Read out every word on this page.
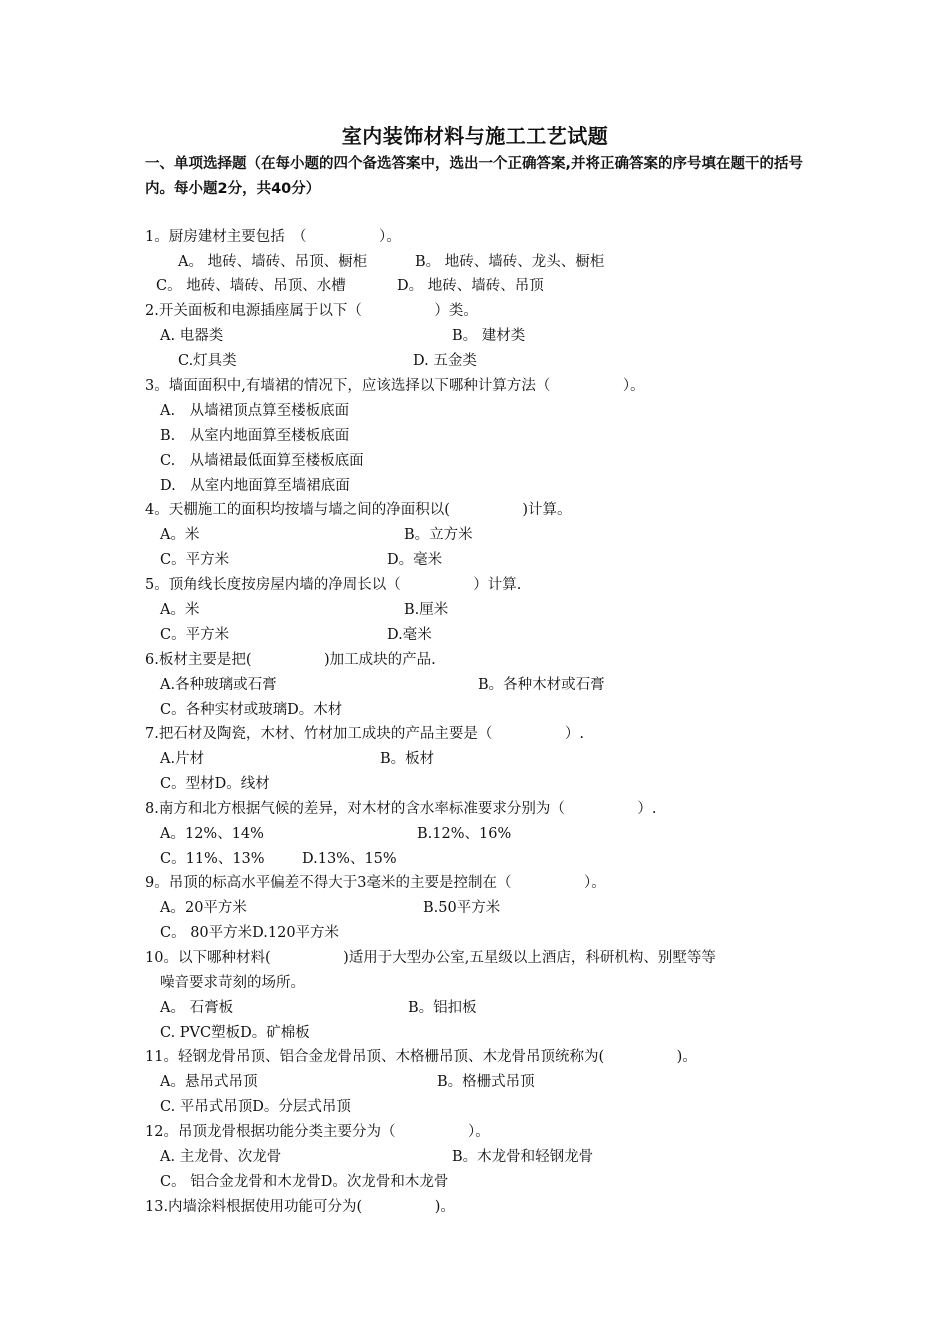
室内装饰材料与施工工艺试题
一、单项选择题（在每小题的四个备选答案中，选出一个正确答案,并将正确答案的序号填在题干的括号内。每小题2分，共40分）
1。厨房建材主要包括　（　　　　　）。
A。 地砖、墙砖、吊顶、橱柜	B。 地砖、墙砖、龙头、橱柜
C。 地砖、墙砖、吊顶、水槽	D。 地砖、墙砖、吊顶
2.开关面板和电源插座属于以下（　　　　　）类。
A. 电器类	B。 建材类
C.灯具类	D. 五金类
3。墙面面积中,有墙裙的情况下，应该选择以下哪种计算方法（　　　　　）。
A.　从墙裙顶点算至楼板底面
B.　从室内地面算至楼板底面
C.　从墙裙最低面算至楼板底面
D.　从室内地面算至墙裙底面
4。天棚施工的面积均按墙与墙之间的净面积以(　　　　　)计算。
A。米	B。立方米
C。平方米	D。毫米
5。顶角线长度按房屋内墙的净周长以（　　　　　）计算.
A。米	B.厘米
C。平方米	D.毫米
6.板材主要是把(　　　　　)加工成块的产品.
A.各种玻璃或石膏	B。各种木材或石膏
C。各种实材或玻璃D。木材
7.把石材及陶瓷，木材、竹材加工成块的产品主要是（　　　　　）.
A.片材	B。板材
C。型材D。线材
8.南方和北方根据气候的差异，对木材的含水率标准要求分别为（　　　　　）.
A。12%、14%	B.12%、16%
C。11%、13%	D.13%、15%
9。吊顶的标高水平偏差不得大于3毫米的主要是控制在（　　　　　）。
A。20平方米	B.50平方米
C。 80平方米D.120平方米
10。以下哪种材料(　　　　　)适用于大型办公室,五星级以上酒店，科研机构、别墅等等
噪音要求苛刻的场所。
A。 石膏板	B。铝扣板
C. PVC塑板D。矿棉板
11。轻钢龙骨吊顶、铝合金龙骨吊顶、木格栅吊顶、木龙骨吊顶统称为(　　　　　)。
A。悬吊式吊顶	B。格栅式吊顶
C. 平吊式吊顶D。分层式吊顶
12。吊顶龙骨根据功能分类主要分为（　　　　　）。
A. 主龙骨、次龙骨	B。木龙骨和轻钢龙骨
C。 铝合金龙骨和木龙骨D。次龙骨和木龙骨
13.内墙涂料根据使用功能可分为(　　　　　)。
